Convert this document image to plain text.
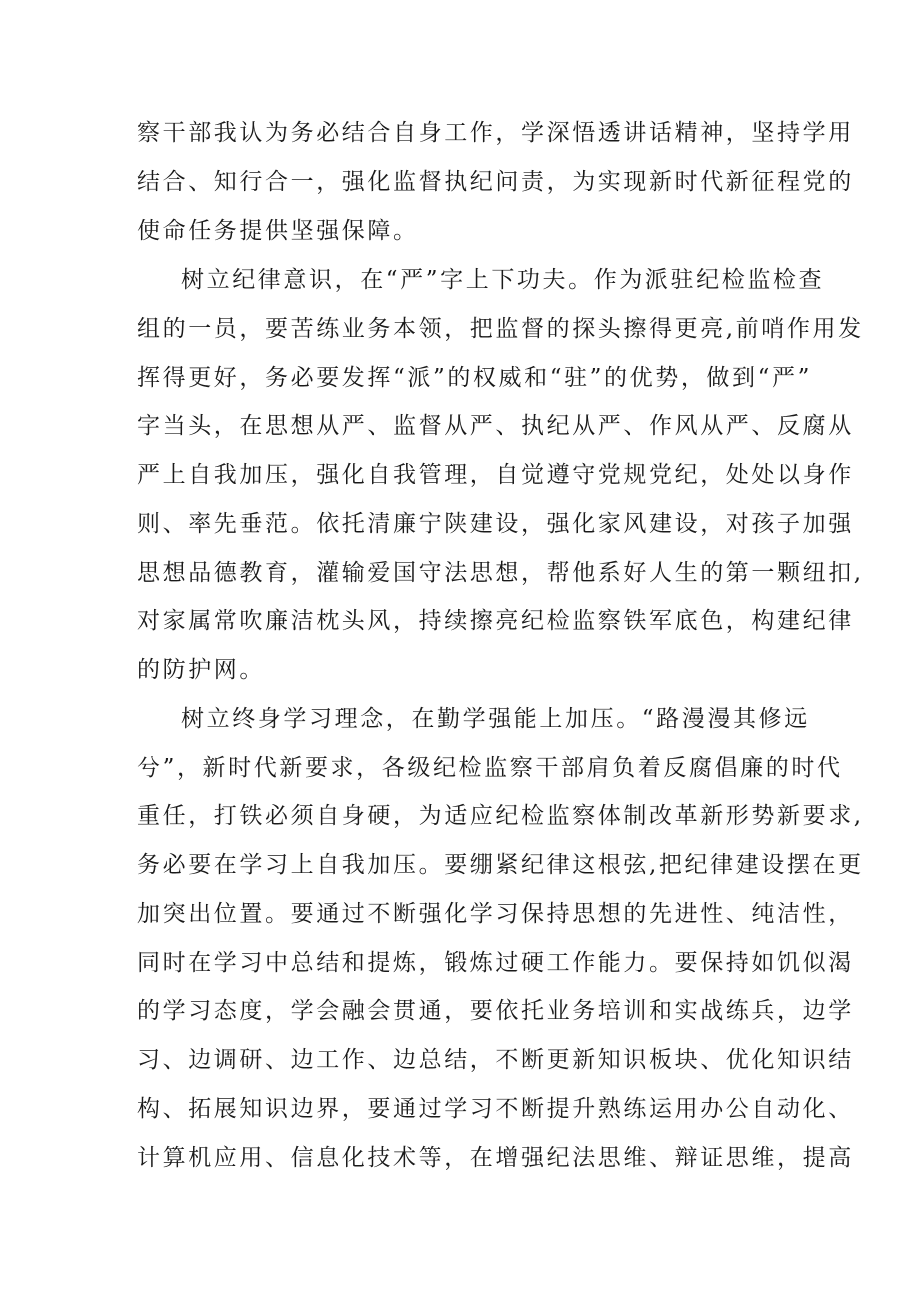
察干部我认为务必结合自身工作，学深悟透讲话精神，坚持学用

结合、知行合一，强化监督执纪问责，为实现新时代新征程党的

使命任务提供坚强保障。

树立纪律意识，在“严”字上下功夫。作为派驻纪检监检查

组的一员，要苦练业务本领，把监督的探头擦得更亮,前哨作用发

挥得更好，务必要发挥“派”的权威和“驻”的优势，做到“严”

字当头，在思想从严、监督从严、执纪从严、作风从严、反腐从

严上自我加压，强化自我管理，自觉遵守党规党纪，处处以身作

则、率先垂范。依托清廉宁陕建设，强化家风建设，对孩子加强

思想品德教育，灌输爱国守法思想，帮他系好人生的第一颗纽扣,

对家属常吹廉洁枕头风，持续擦亮纪检监察铁军底色，构建纪律

的防护网。

树立终身学习理念，在勤学强能上加压。“路漫漫其修远

兮”，新时代新要求，各级纪检监察干部肩负着反腐倡廉的时代

重任，打铁必须自身硬，为适应纪检监察体制改革新形势新要求,

务必要在学习上自我加压。要绷紧纪律这根弦,把纪律建设摆在更

加突出位置。要通过不断强化学习保持思想的先进性、纯洁性，

同时在学习中总结和提炼，锻炼过硬工作能力。要保持如饥似渴

的学习态度，学会融会贯通，要依托业务培训和实战练兵，边学

习、边调研、边工作、边总结，不断更新知识板块、优化知识结

构、拓展知识边界，要通过学习不断提升熟练运用办公自动化、

计算机应用、信息化技术等，在增强纪法思维、辩证思维，提高
